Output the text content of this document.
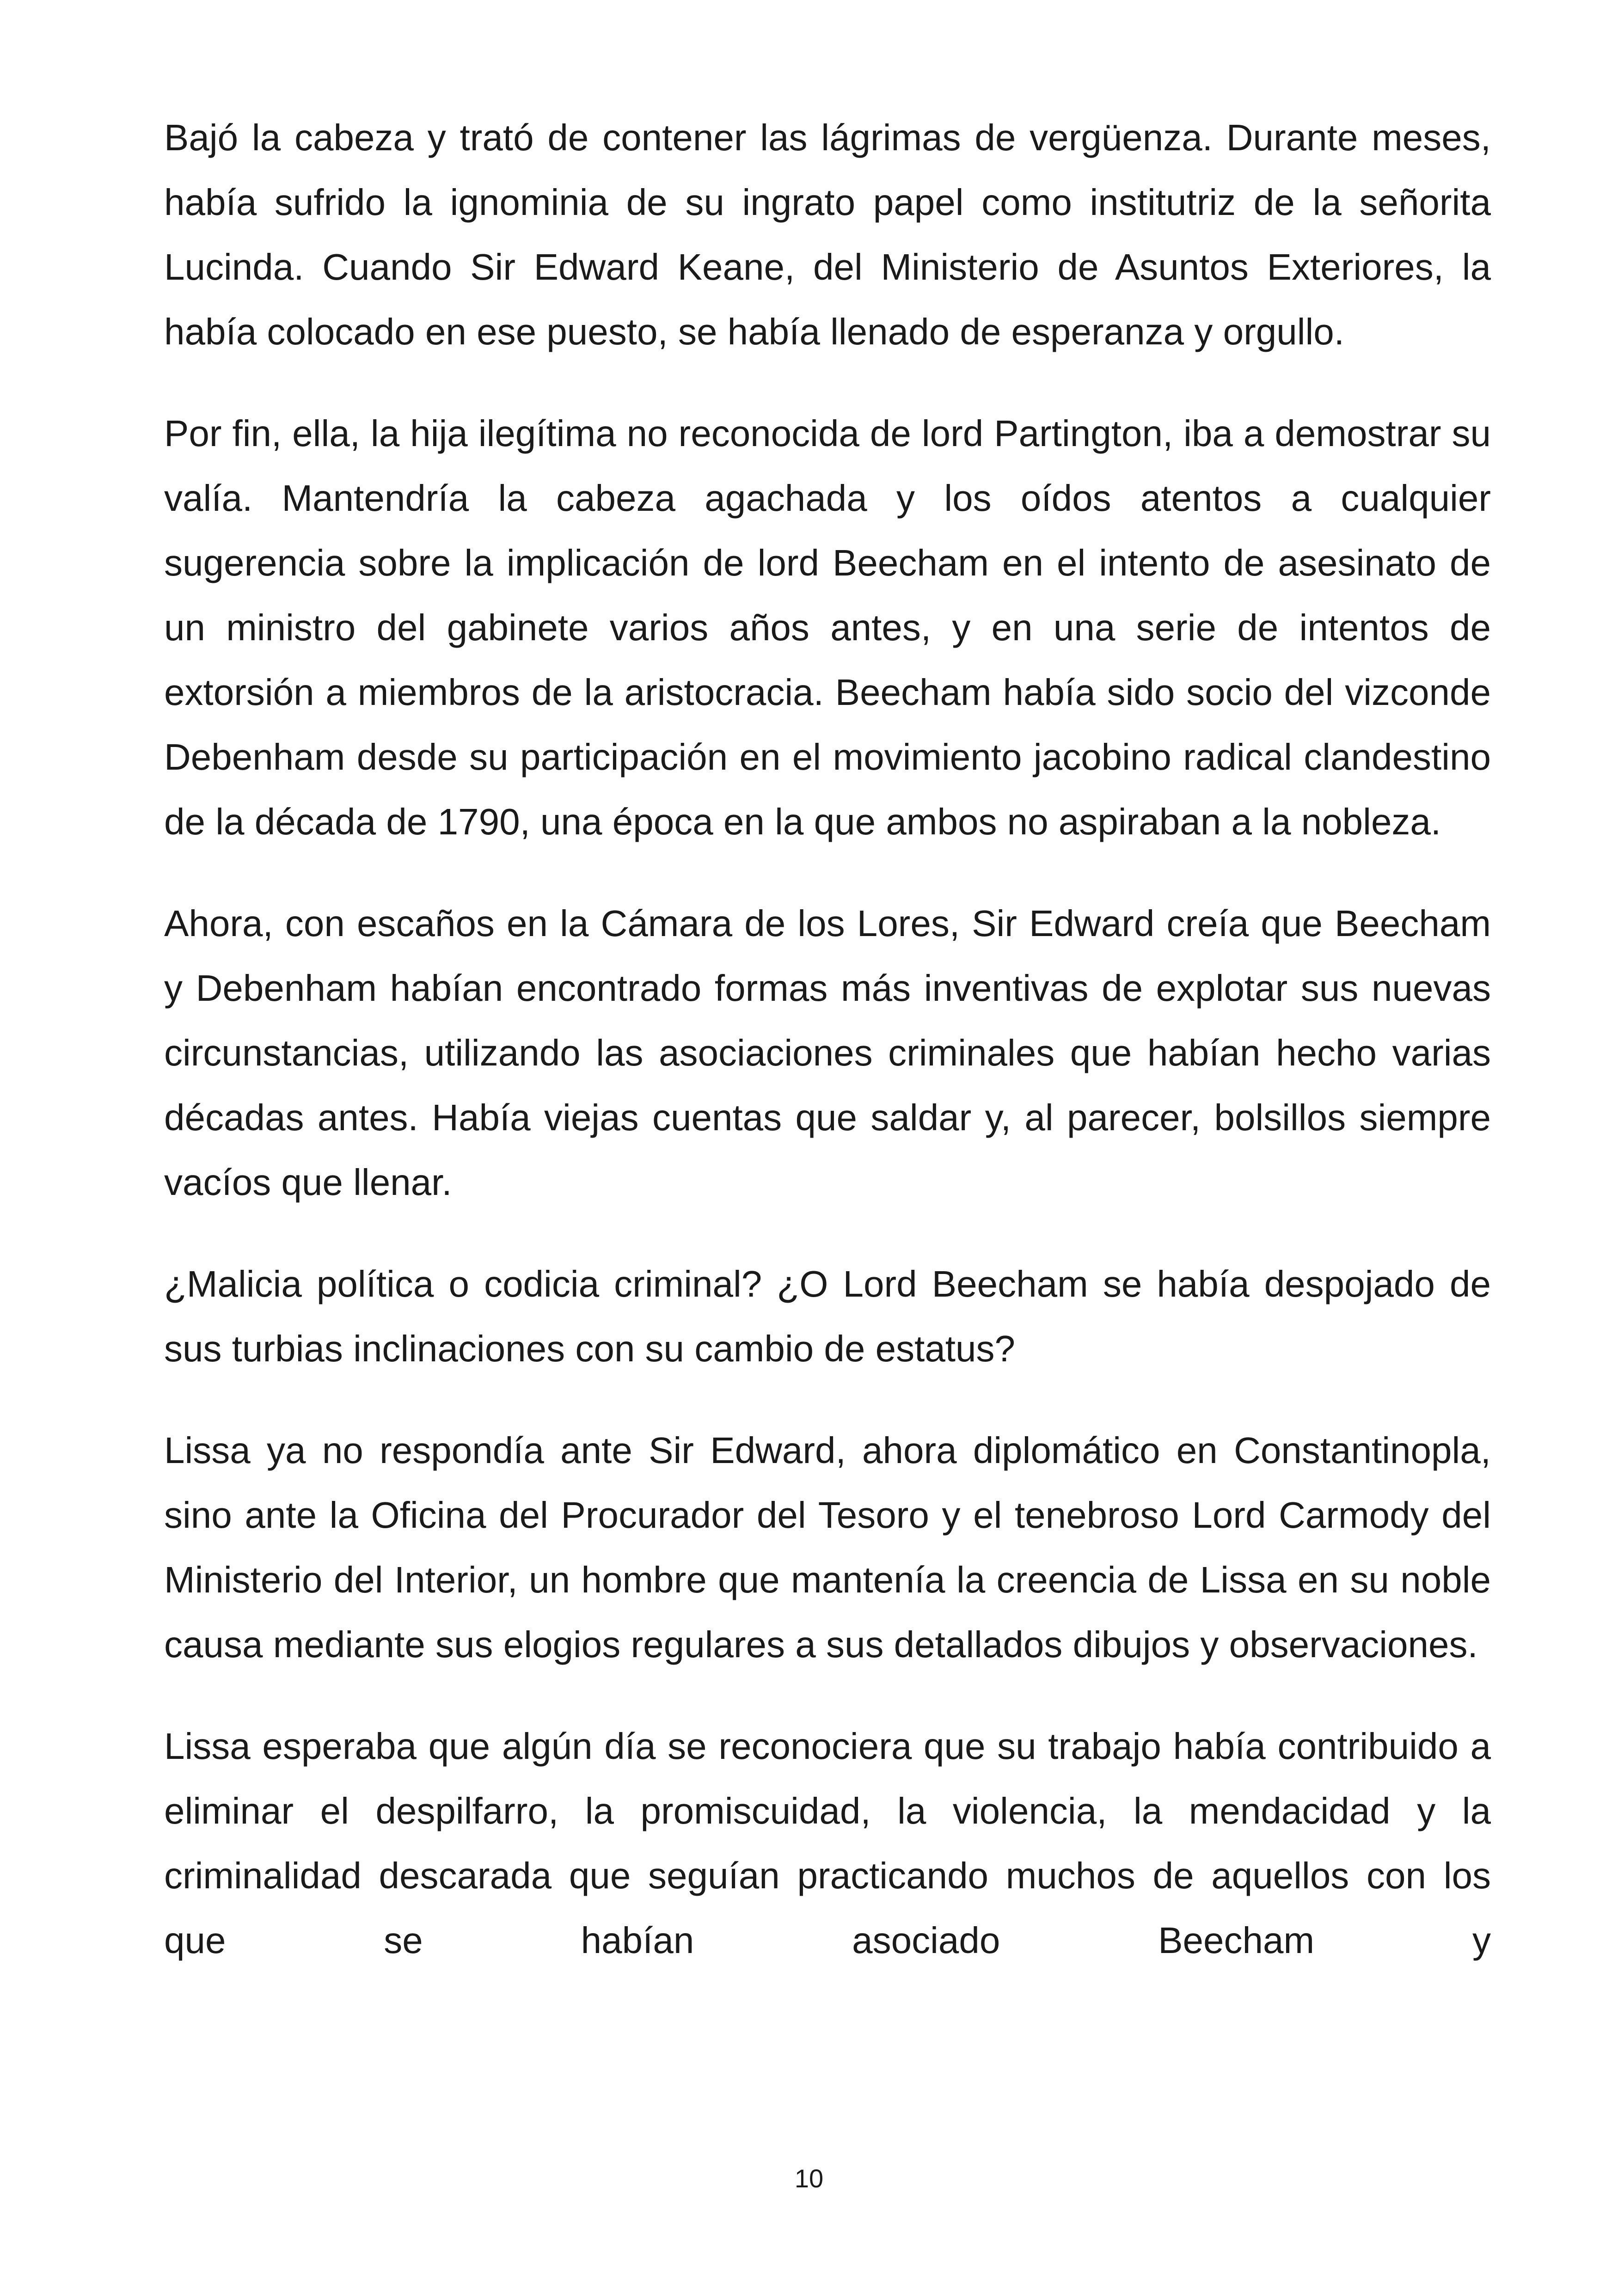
Bajó la cabeza y trató de contener las lágrimas de vergüenza. Durante meses, había sufrido la ignominia de su ingrato papel como institutriz de la señorita Lucinda. Cuando Sir Edward Keane, del Ministerio de Asuntos Exteriores, la había colocado en ese puesto, se había llenado de esperanza y orgullo.

Por fin, ella, la hija ilegítima no reconocida de lord Partington, iba a demostrar su valía. Mantendría la cabeza agachada y los oídos atentos a cualquier sugerencia sobre la implicación de lord Beecham en el intento de asesinato de un ministro del gabinete varios años antes, y en una serie de intentos de extorsión a miembros de la aristocracia. Beecham había sido socio del vizconde Debenham desde su participación en el movimiento jacobino radical clandestino de la década de 1790, una época en la que ambos no aspiraban a la nobleza.

Ahora, con escaños en la Cámara de los Lores, Sir Edward creía que Beecham y Debenham habían encontrado formas más inventivas de explotar sus nuevas circunstancias, utilizando las asociaciones criminales que habían hecho varias décadas antes. Había viejas cuentas que saldar y, al parecer, bolsillos siempre vacíos que llenar.

¿Malicia política o codicia criminal? ¿O Lord Beecham se había despojado de sus turbias inclinaciones con su cambio de estatus?

Lissa ya no respondía ante Sir Edward, ahora diplomático en Constantinopla, sino ante la Oficina del Procurador del Tesoro y el tenebroso Lord Carmody del Ministerio del Interior, un hombre que mantenía la creencia de Lissa en su noble causa mediante sus elogios regulares a sus detallados dibujos y observaciones.

Lissa esperaba que algún día se reconociera que su trabajo había contribuido a eliminar el despilfarro, la promiscuidad, la violencia, la mendacidad y la criminalidad descarada que seguían practicando muchos de aquellos con los que se habían asociado Beecham y

10
